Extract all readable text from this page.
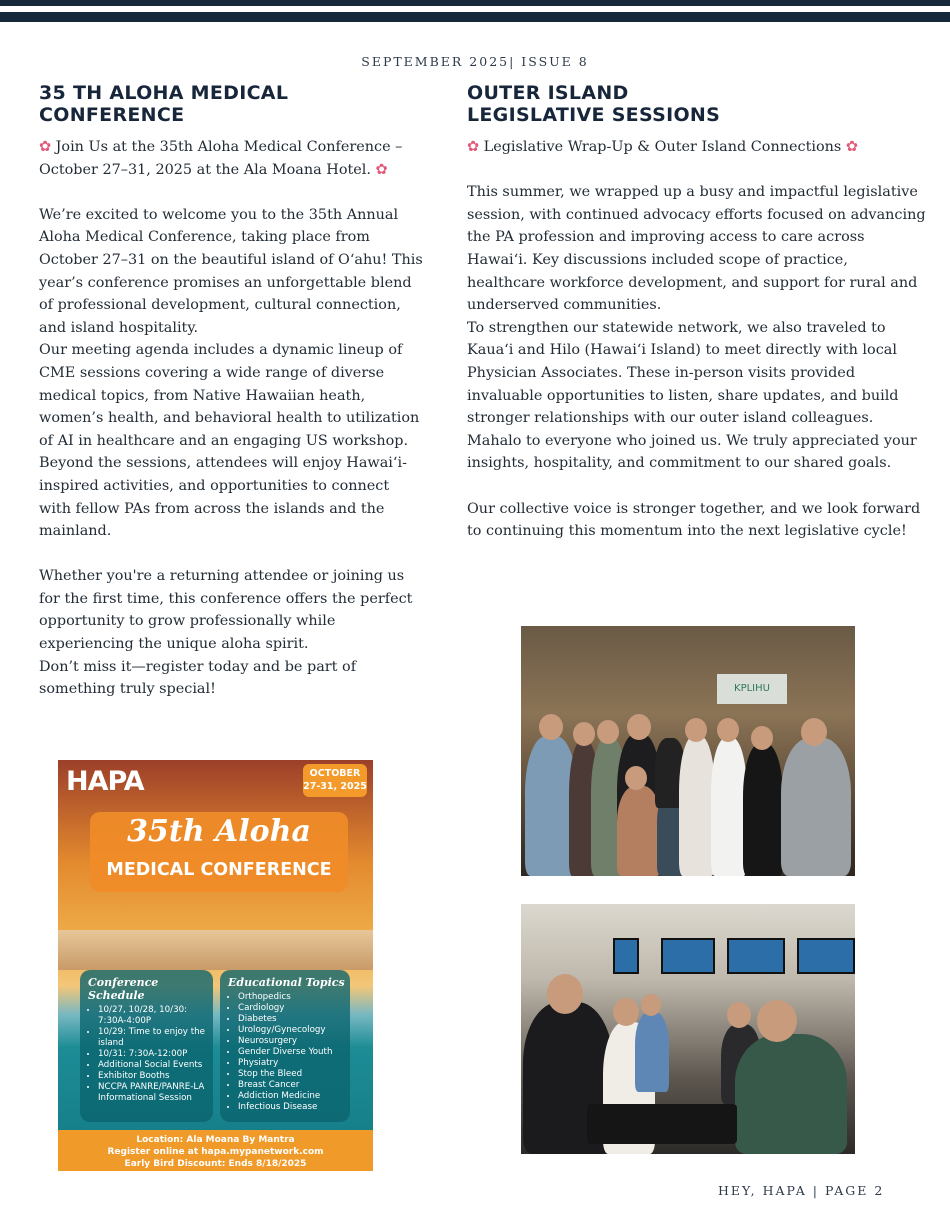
SEPTEMBER 2025| ISSUE 8
35 TH ALOHA MEDICAL
CONFERENCE

✿ Join Us at the 35th Aloha Medical Conference – October 27–31, 2025 at the Ala Moana Hotel. ✿

We’re excited to welcome you to the 35th Annual Aloha Medical Conference, taking place from October 27–31 on the beautiful island of Oʻahu! This year’s conference promises an unforgettable blend of professional development, cultural connection, and island hospitality.

Our meeting agenda includes a dynamic lineup of CME sessions covering a wide range of diverse medical topics, from Native Hawaiian heath, women’s health, and behavioral health to utilization of AI in healthcare and an engaging US workshop.

Beyond the sessions, attendees will enjoy Hawaiʻi-inspired activities, and opportunities to connect with fellow PAs from across the islands and the mainland.

Whether you're a returning attendee or joining us for the first time, this conference offers the perfect opportunity to grow professionally while experiencing the unique aloha spirit.

Don’t miss it—register today and be part of something truly special!

HAPA	OCTOBER
27-31, 2025
35th Aloha
MEDICAL CONFERENCE
Conference Schedule
• 10/27, 10/28, 10/30: 7:30A-4:00P
• 10/29: Time to enjoy the island
• 10/31: 7:30A-12:00P
• Additional Social Events
• Exhibitor Booths
• NCCPA PANRE/PANRE-LA Informational Session
Educational Topics
• Orthopedics
• Cardiology
• Diabetes
• Urology/Gynecology
• Neurosurgery
• Gender Diverse Youth
• Physiatry
• Stop the Bleed
• Breast Cancer
• Addiction Medicine
• Infectious Disease
Location: Ala Moana By Mantra
Register online at hapa.mypanetwork.com
Early Bird Discount: Ends 8/18/2025
OUTER ISLAND
LEGISLATIVE SESSIONS

✿ Legislative Wrap-Up & Outer Island Connections ✿

This summer, we wrapped up a busy and impactful legislative session, with continued advocacy efforts focused on advancing the PA profession and improving access to care across Hawaiʻi. Key discussions included scope of practice, healthcare workforce development, and support for rural and underserved communities.

To strengthen our statewide network, we also traveled to Kauaʻi and Hilo (Hawaiʻi Island) to meet directly with local Physician Associates. These in-person visits provided invaluable opportunities to listen, share updates, and build stronger relationships with our outer island colleagues. Mahalo to everyone who joined us. We truly appreciated your insights, hospitality, and commitment to our shared goals.

Our collective voice is stronger together, and we look forward to continuing this momentum into the next legislative cycle!

KPLIHU
HEY, HAPA | PAGE 2
